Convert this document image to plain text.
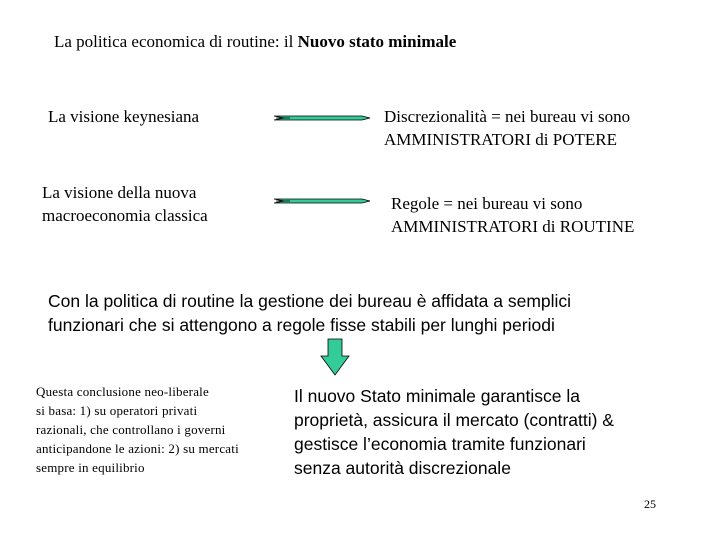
La politica economica di routine: il Nuovo stato minimale
La visione keynesiana	Discrezionalità = nei bureau vi sono
AMMINISTRATORI di POTERE
La visione della nuova
macroeconomia classica
Regole = nei bureau vi sono
AMMINISTRATORI di ROUTINE
Con la politica di routine la gestione dei bureau è affidata a semplici
funzionari che si attengono a regole fisse stabili per lunghi periodi
Questa conclusione neo-liberale
si basa: 1) su operatori privati
razionali, che controllano i governi
anticipandone le azioni: 2) su mercati
sempre in equilibrio
Il nuovo Stato minimale garantisce la
proprietà, assicura il mercato (contratti) &
gestisce l’economia tramite funzionari
senza autorità discrezionale
25
